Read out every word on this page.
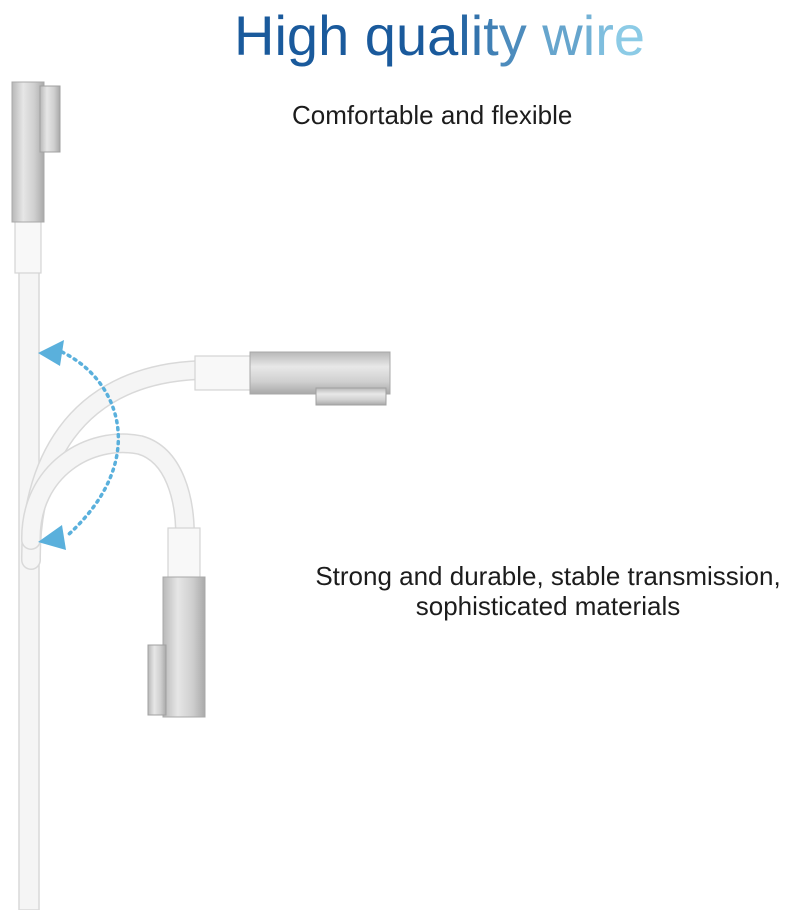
High quality wire
Comfortable and flexible
Strong and durable, stable transmission,
sophisticated materials
